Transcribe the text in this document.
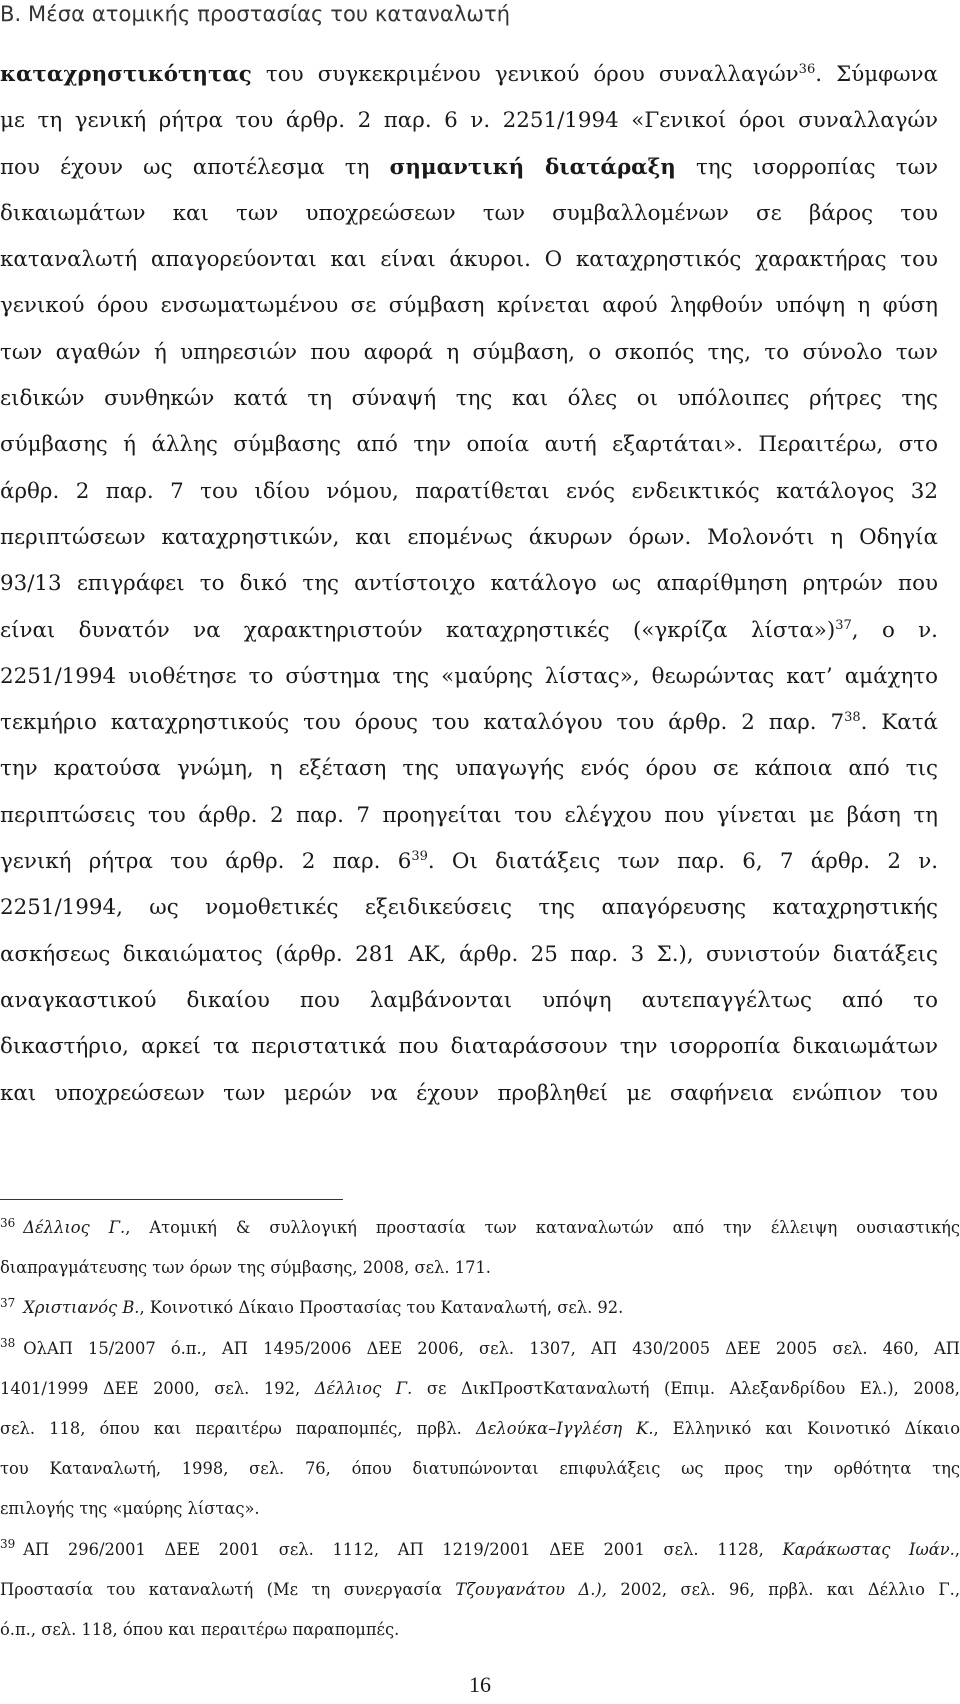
Β. Μέσα ατομικής προστασίας του καταναλωτή
καταχρηστικότητας του συγκεκριμένου γενικού όρου συναλλαγών$^{36}$. Σύμφωνα
με τη γενική ρήτρα του άρθρ. 2 παρ. 6 ν. 2251/1994 «Γενικοί όροι συναλλαγών
που έχουν ως αποτέλεσμα τη σημαντική διατάραξη της ισορροπίας των
δικαιωμάτων και των υποχρεώσεων των συμβαλλομένων σε βάρος του
καταναλωτή απαγορεύονται και είναι άκυροι. Ο καταχρηστικός χαρακτήρας του
γενικού όρου ενσωματωμένου σε σύμβαση κρίνεται αφού ληφθούν υπόψη η φύση
των αγαθών ή υπηρεσιών που αφορά η σύμβαση, ο σκοπός της, το σύνολο των
ειδικών συνθηκών κατά τη σύναψή της και όλες οι υπόλοιπες ρήτρες της
σύμβασης ή άλλης σύμβασης από την οποία αυτή εξαρτάται». Περαιτέρω, στο
άρθρ. 2 παρ. 7 του ιδίου νόμου, παρατίθεται ενός ενδεικτικός κατάλογος 32
περιπτώσεων καταχρηστικών, και επομένως άκυρων όρων. Μολονότι η Οδηγία
93/13 επιγράφει το δικό της αντίστοιχο κατάλογο ως απαρίθμηση ρητρών που
είναι δυνατόν να χαρακτηριστούν καταχρηστικές («γκρίζα λίστα»)$^{37}$, ο ν.
2251/1994 υιοθέτησε το σύστημα της «μαύρης λίστας», θεωρώντας κατ’ αμάχητο
τεκμήριο καταχρηστικούς του όρους του καταλόγου του άρθρ. 2 παρ. $7^{38}$. Κατά
την κρατούσα γνώμη, η εξέταση της υπαγωγής ενός όρου σε κάποια από τις
περιπτώσεις του άρθρ. 2 παρ. 7 προηγείται του ελέγχου που γίνεται με βάση τη
γενική ρήτρα του άρθρ. 2 παρ. $6^{39}$. Οι διατάξεις των παρ. 6, 7 άρθρ. 2 ν.
2251/1994, ως νομοθετικές εξειδικεύσεις της απαγόρευσης καταχρηστικής
ασκήσεως δικαιώματος (άρθρ. 281 ΑΚ, άρθρ. 25 παρ. 3 Σ.), συνιστούν διατάξεις
αναγκαστικού δικαίου που λαμβάνονται υπόψη αυτεπαγγέλτως από το
δικαστήριο, αρκεί τα περιστατικά που διαταράσσουν την ισορροπία δικαιωμάτων
και υποχρεώσεων των μερών να έχουν προβληθεί με σαφήνεια ενώπιον του
$^{36}$ Δέλλιος Γ., Ατομική & συλλογική προστασία των καταναλωτών από την έλλειψη ουσιαστικής
διαπραγμάτευσης των όρων της σύμβασης, 2008, σελ. 171.
$^{37}$ Χριστιανός Β., Κοινοτικό Δίκαιο Προστασίας του Καταναλωτή, σελ. 92.
$^{38}$ ΟλΑΠ 15/2007 ό.π., ΑΠ 1495/2006 ΔΕΕ 2006, σελ. 1307, ΑΠ 430/2005 ΔΕΕ 2005 σελ. 460, ΑΠ
1401/1999 ΔΕΕ 2000, σελ. 192, Δέλλιος Γ. σε ΔικΠροστΚαταναλωτή (Επιμ. Αλεξανδρίδου Ελ.), 2008,
σελ. 118, όπου και περαιτέρω παραπομπές, πρβλ. Δελούκα–Ιγγλέση Κ., Ελληνικό και Κοινοτικό Δίκαιο
του Καταναλωτή, 1998, σελ. 76, όπου διατυπώνονται επιφυλάξεις ως προς την ορθότητα της
επιλογής της «μαύρης λίστας».
$^{39}$ ΑΠ 296/2001 ΔΕΕ 2001 σελ. 1112, ΑΠ 1219/2001 ΔΕΕ 2001 σελ. 1128, Καράκωστας Ιωάν.,
Προστασία του καταναλωτή (Με τη συνεργασία Τζουγανάτου Δ.), 2002, σελ. 96, πρβλ. και Δέλλιο Γ.,
ό.π., σελ. 118, όπου και περαιτέρω παραπομπές.
16
